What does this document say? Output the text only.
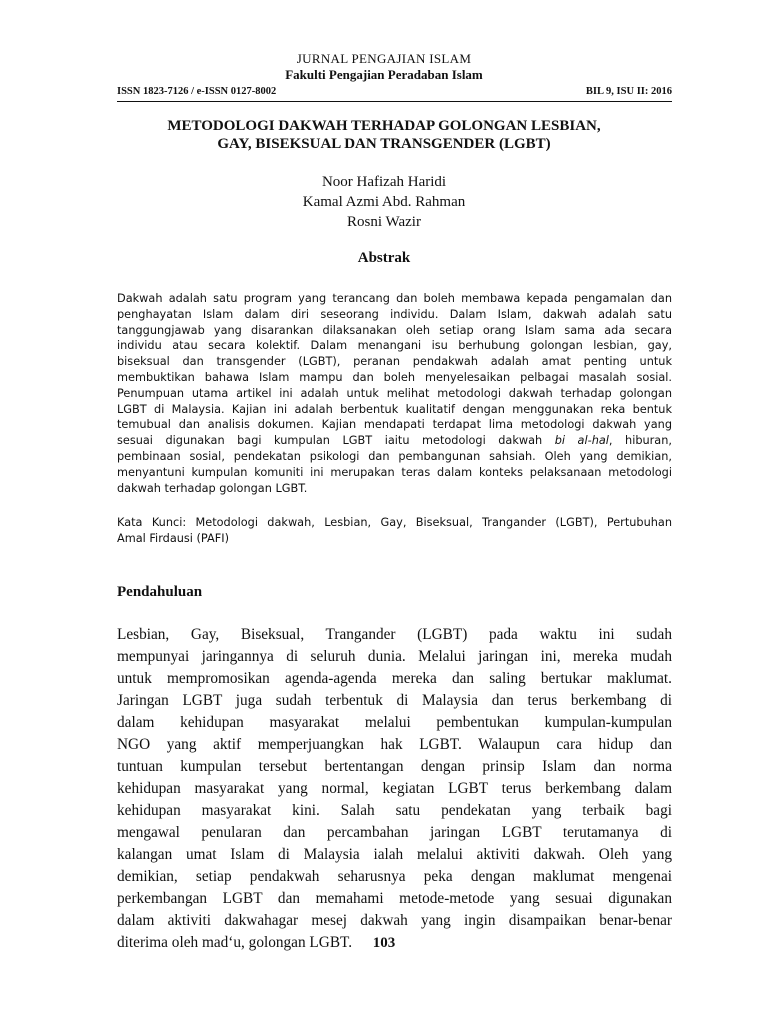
JURNAL PENGAJIAN ISLAM
Fakulti Pengajian Peradaban Islam
ISSN 1823-7126 / e-ISSN 0127-8002	BIL 9, ISU II: 2016
METODOLOGI DAKWAH TERHADAP GOLONGAN LESBIAN,
GAY, BISEKSUAL DAN TRANSGENDER (LGBT)
Noor Hafizah Haridi
Kamal Azmi Abd. Rahman
Rosni Wazir
Abstrak
Dakwah adalah satu program yang terancang dan boleh membawa kepada pengamalan dan
penghayatan Islam dalam diri seseorang individu. Dalam Islam, dakwah adalah satu
tanggungjawab yang disarankan dilaksanakan oleh setiap orang Islam sama ada secara
individu atau secara kolektif. Dalam menangani isu berhubung golongan lesbian, gay,
biseksual dan transgender (LGBT), peranan pendakwah adalah amat penting untuk
membuktikan bahawa Islam mampu dan boleh menyelesaikan pelbagai masalah sosial.
Penumpuan utama artikel ini adalah untuk melihat metodologi dakwah terhadap golongan
LGBT di Malaysia. Kajian ini adalah berbentuk kualitatif dengan menggunakan reka bentuk
temubual dan analisis dokumen. Kajian mendapati terdapat lima metodologi dakwah yang
sesuai digunakan bagi kumpulan LGBT iaitu metodologi dakwah bi al-hal, hiburan,
pembinaan sosial, pendekatan psikologi dan pembangunan sahsiah. Oleh yang demikian,
menyantuni kumpulan komuniti ini merupakan teras dalam konteks pelaksanaan metodologi
dakwah terhadap golongan LGBT.
Kata Kunci: Metodologi dakwah, Lesbian, Gay, Biseksual, Trangander (LGBT), Pertubuhan
Amal Firdausi (PAFI)
Pendahuluan
Lesbian, Gay, Biseksual, Trangander (LGBT) pada waktu ini sudah
mempunyai jaringannya di seluruh dunia. Melalui jaringan ini, mereka mudah
untuk mempromosikan agenda-agenda mereka dan saling bertukar maklumat.
Jaringan LGBT juga sudah terbentuk di Malaysia dan terus berkembang di
dalam kehidupan masyarakat melalui pembentukan kumpulan-kumpulan
NGO yang aktif memperjuangkan hak LGBT. Walaupun cara hidup dan
tuntuan kumpulan tersebut bertentangan dengan prinsip Islam dan norma
kehidupan masyarakat yang normal, kegiatan LGBT terus berkembang dalam
kehidupan masyarakat kini. Salah satu pendekatan yang terbaik bagi
mengawal penularan dan percambahan jaringan LGBT terutamanya di
kalangan umat Islam di Malaysia ialah melalui aktiviti dakwah. Oleh yang
demikian, setiap pendakwah seharusnya peka dengan maklumat mengenai
perkembangan LGBT dan memahami metode-metode yang sesuai digunakan
dalam aktiviti dakwahagar mesej dakwah yang ingin disampaikan benar-benar
diterima oleh mad‘u, golongan LGBT.	103
